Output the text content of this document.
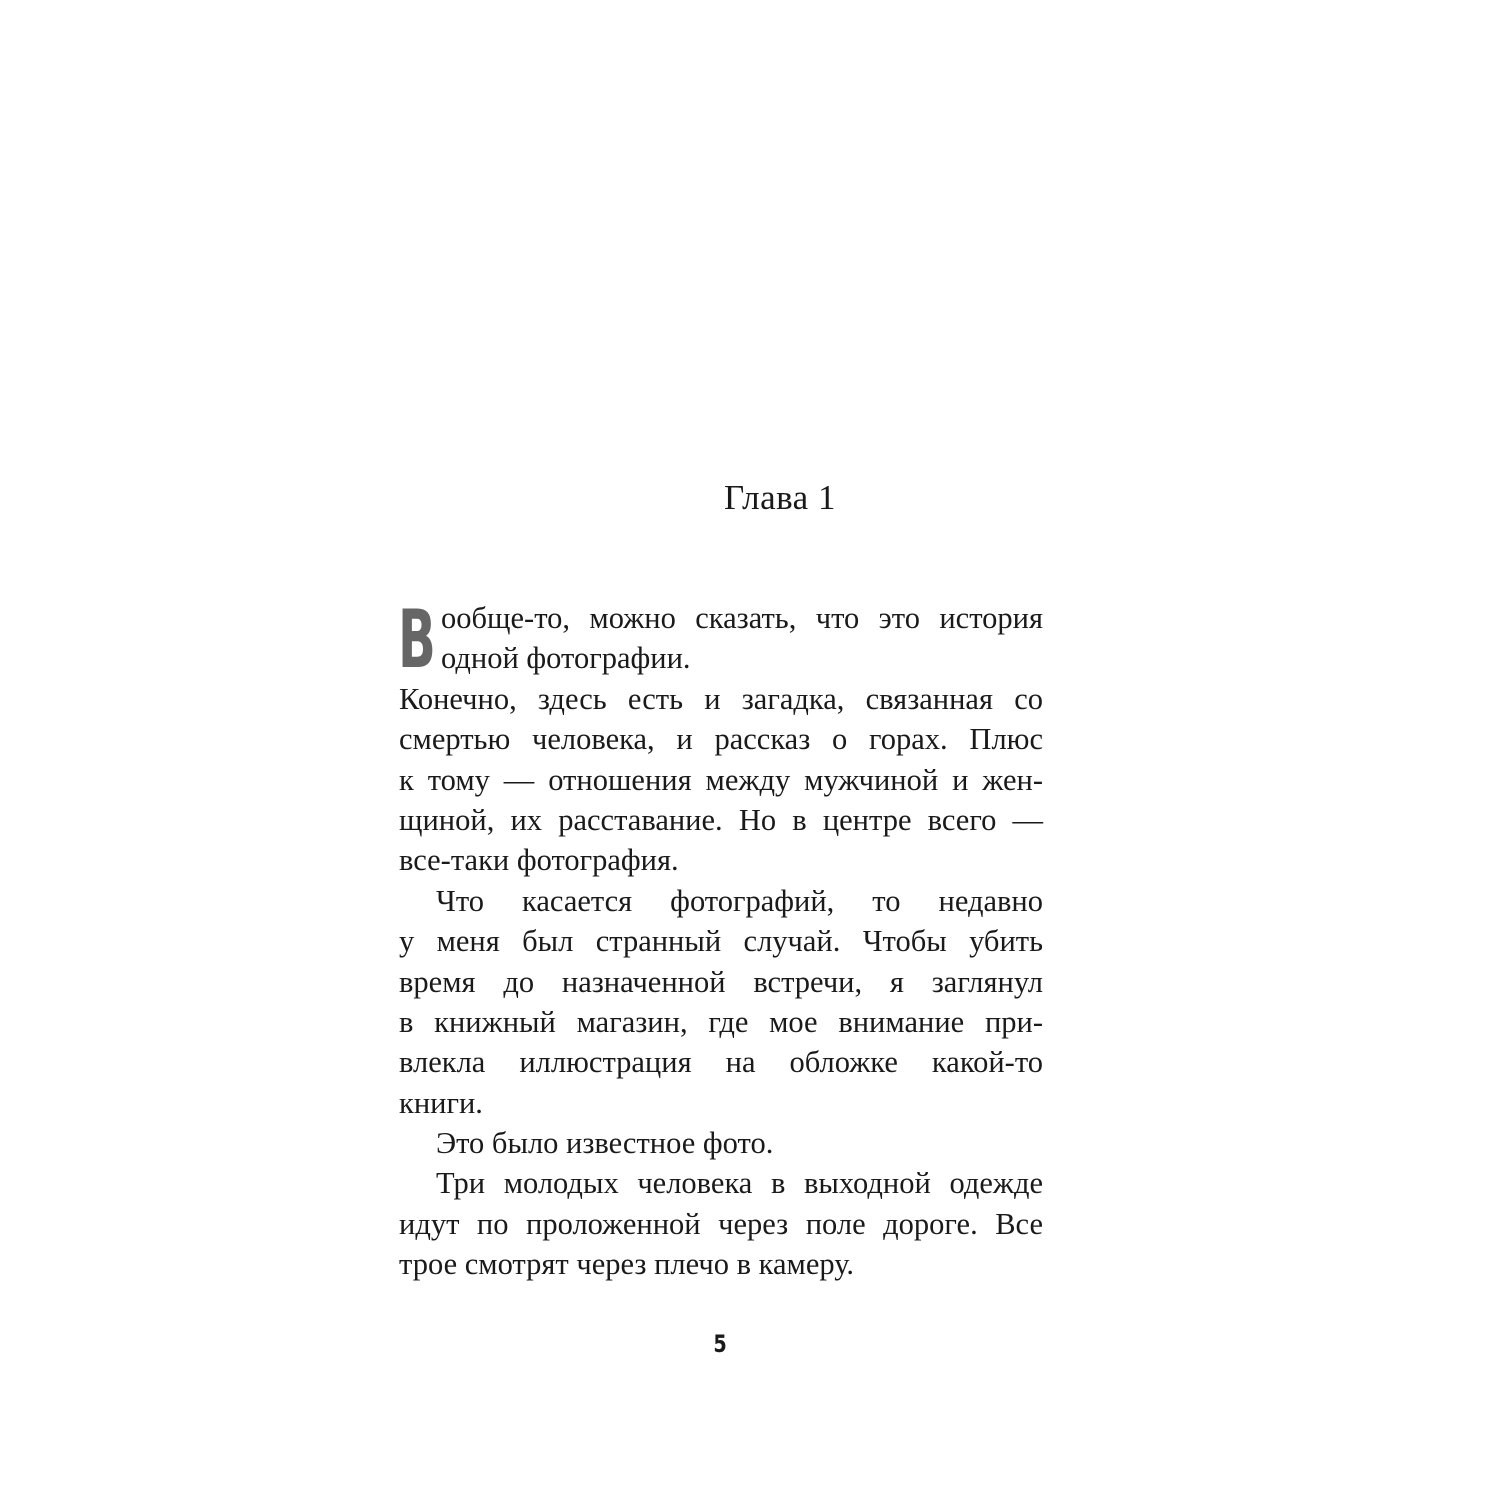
Глава 1
В ообще-то, можно сказать, что это история
одной фотографии.
Конечно, здесь есть и загадка, связанная со
смертью человека, и рассказ о горах. Плюс
к тому — отношения между мужчиной и жен-
щиной, их расставание. Но в центре всего —
все-таки фотография.
Что касается фотографий, то недавно
у меня был странный случай. Чтобы убить
время до назначенной встречи, я заглянул
в книжный магазин, где мое внимание при-
влекла иллюстрация на обложке какой-то
книги.
Это было известное фото.
Три молодых человека в выходной одежде
идут по проложенной через поле дороге. Все
трое смотрят через плечо в камеру.
5
